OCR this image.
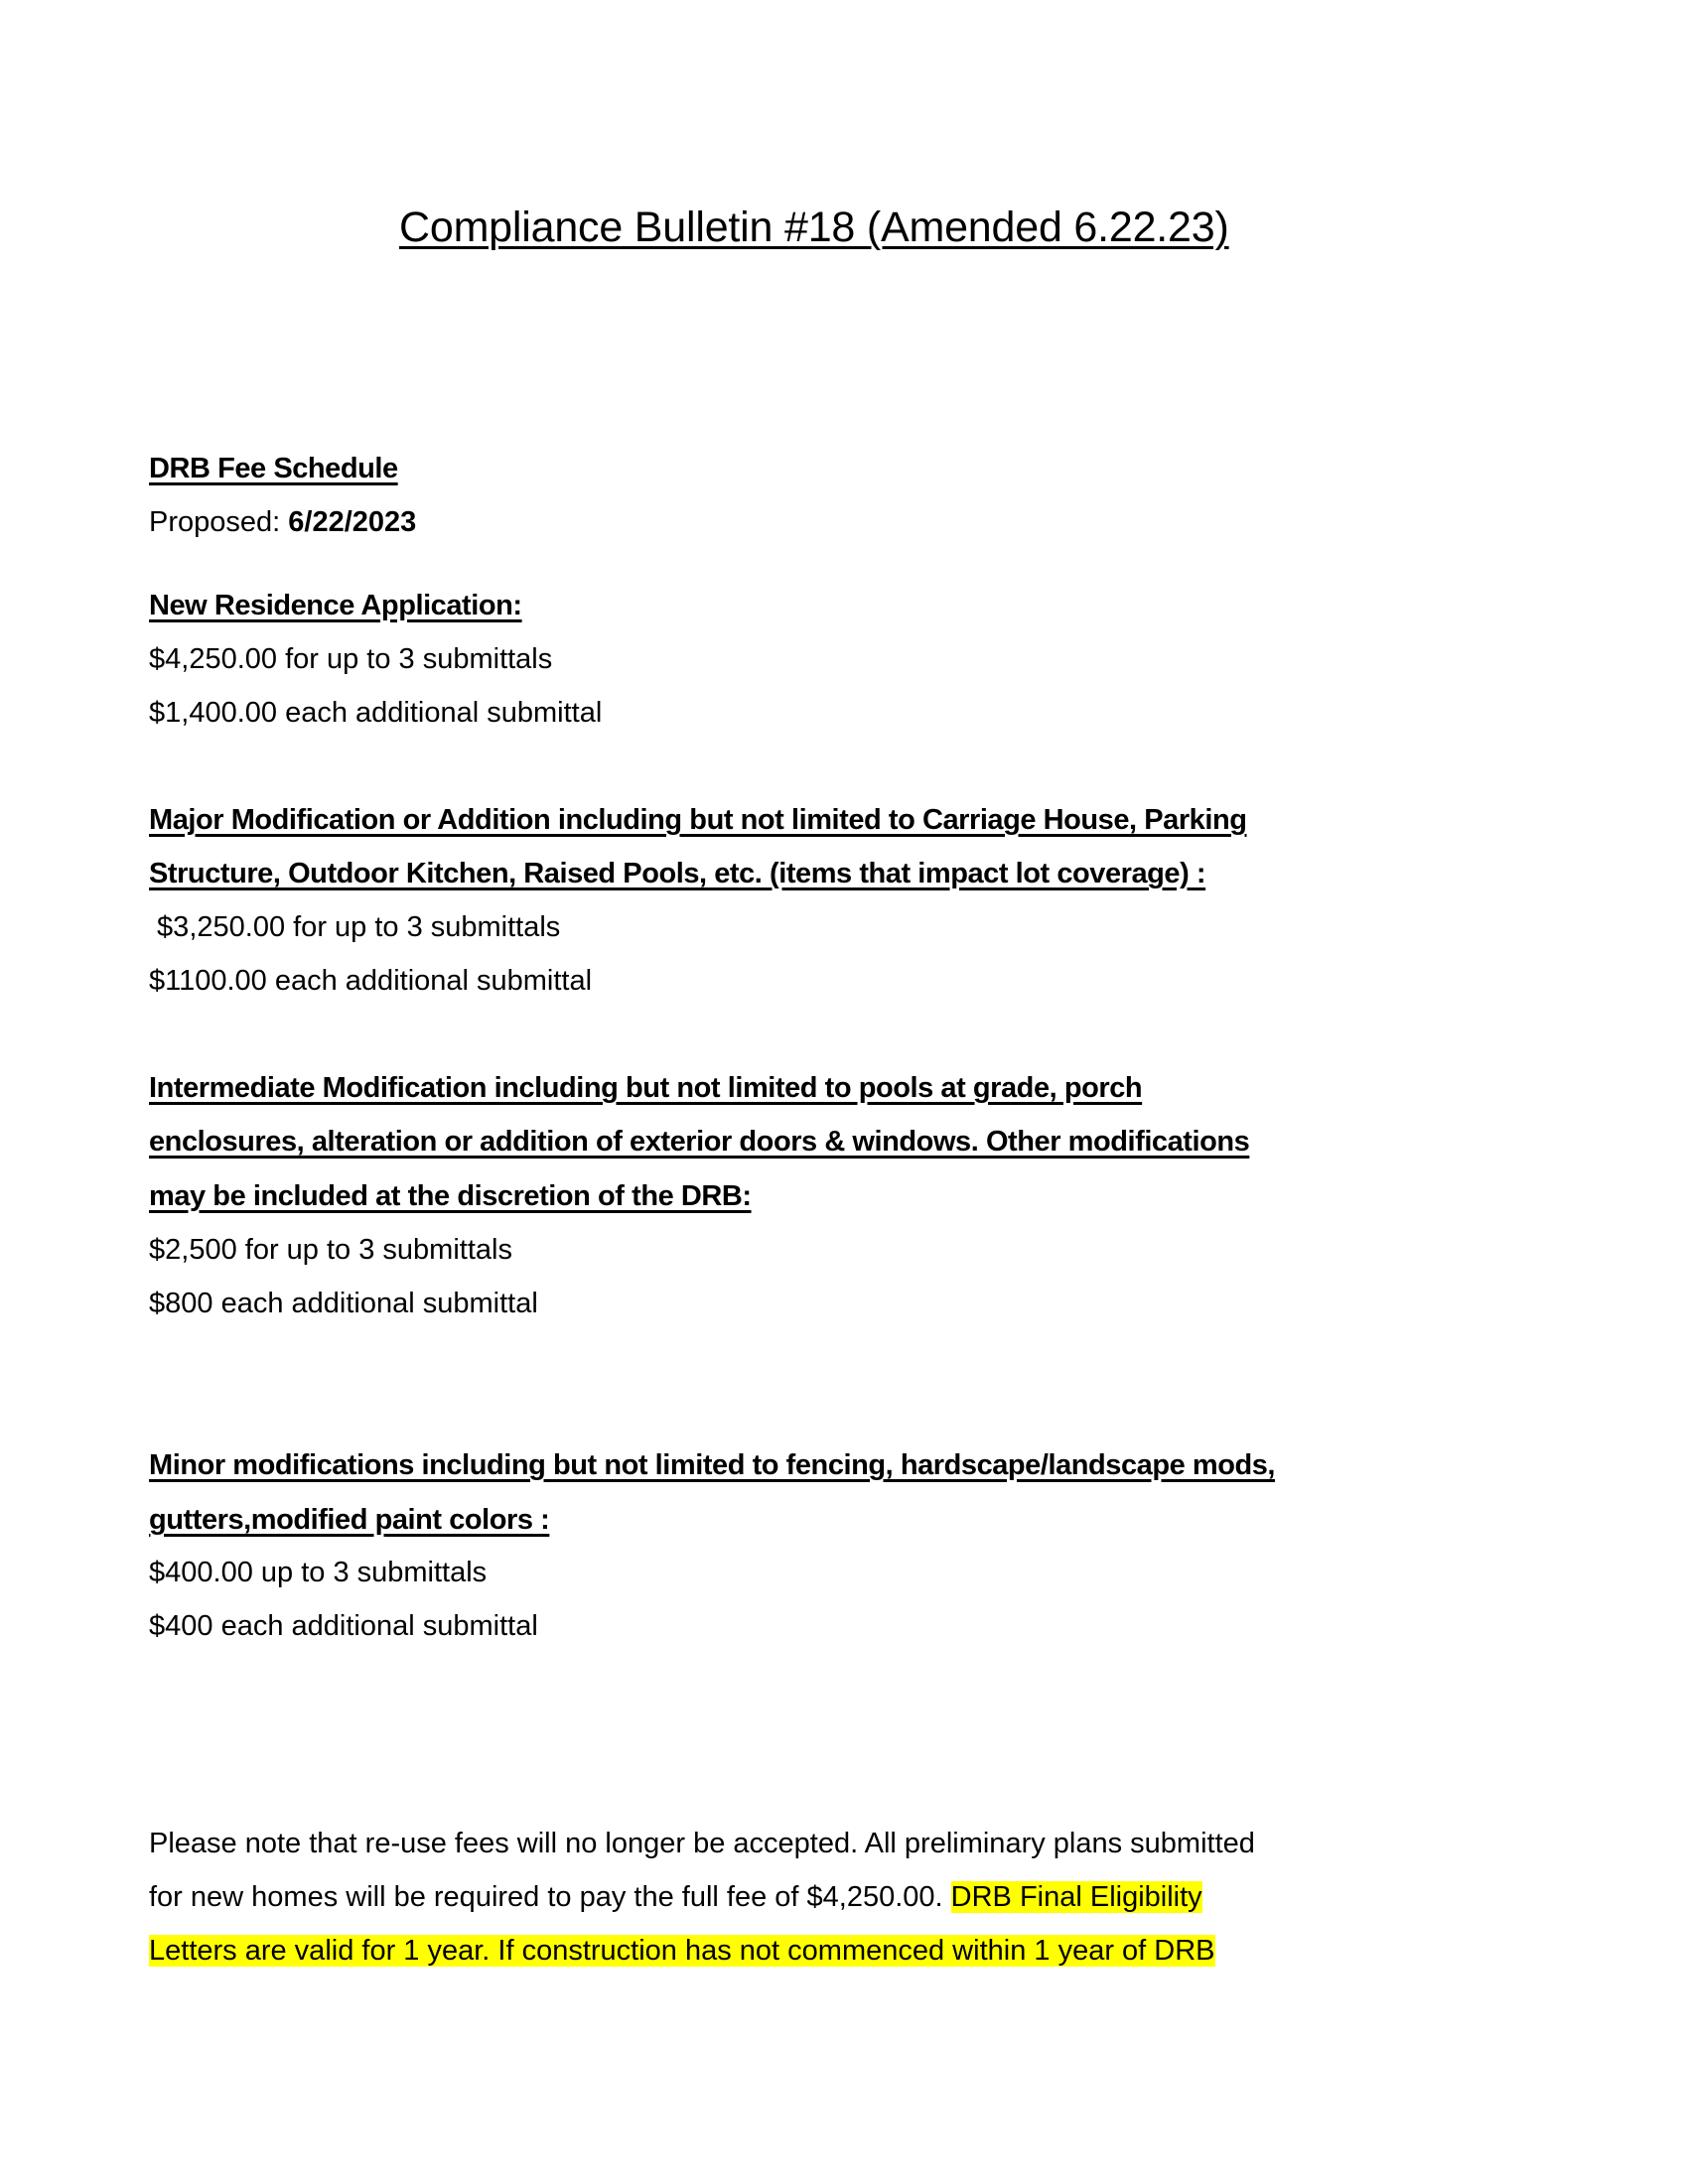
Compliance Bulletin #18 (Amended 6.22.23)
DRB Fee Schedule
Proposed: 6/22/2023
New Residence Application:
$4,250.00 for up to 3 submittals
$1,400.00 each additional submittal
Major Modification or Addition including but not limited to Carriage House, Parking
Structure, Outdoor Kitchen, Raised Pools, etc. (items that impact lot coverage) :
$3,250.00 for up to 3 submittals
$1100.00 each additional submittal
Intermediate Modification including but not limited to pools at grade, porch
enclosures, alteration or addition of exterior doors & windows. Other modifications
may be included at the discretion of the DRB:
$2,500 for up to 3 submittals
$800 each additional submittal
Minor modifications including but not limited to fencing, hardscape/landscape mods,
gutters,modified paint colors :
$400.00 up to 3 submittals
$400 each additional submittal
Please note that re-use fees will no longer be accepted. All preliminary plans submitted
for new homes will be required to pay the full fee of $4,250.00. DRB Final Eligibility
Letters are valid for 1 year. If construction has not commenced within 1 year of DRB
